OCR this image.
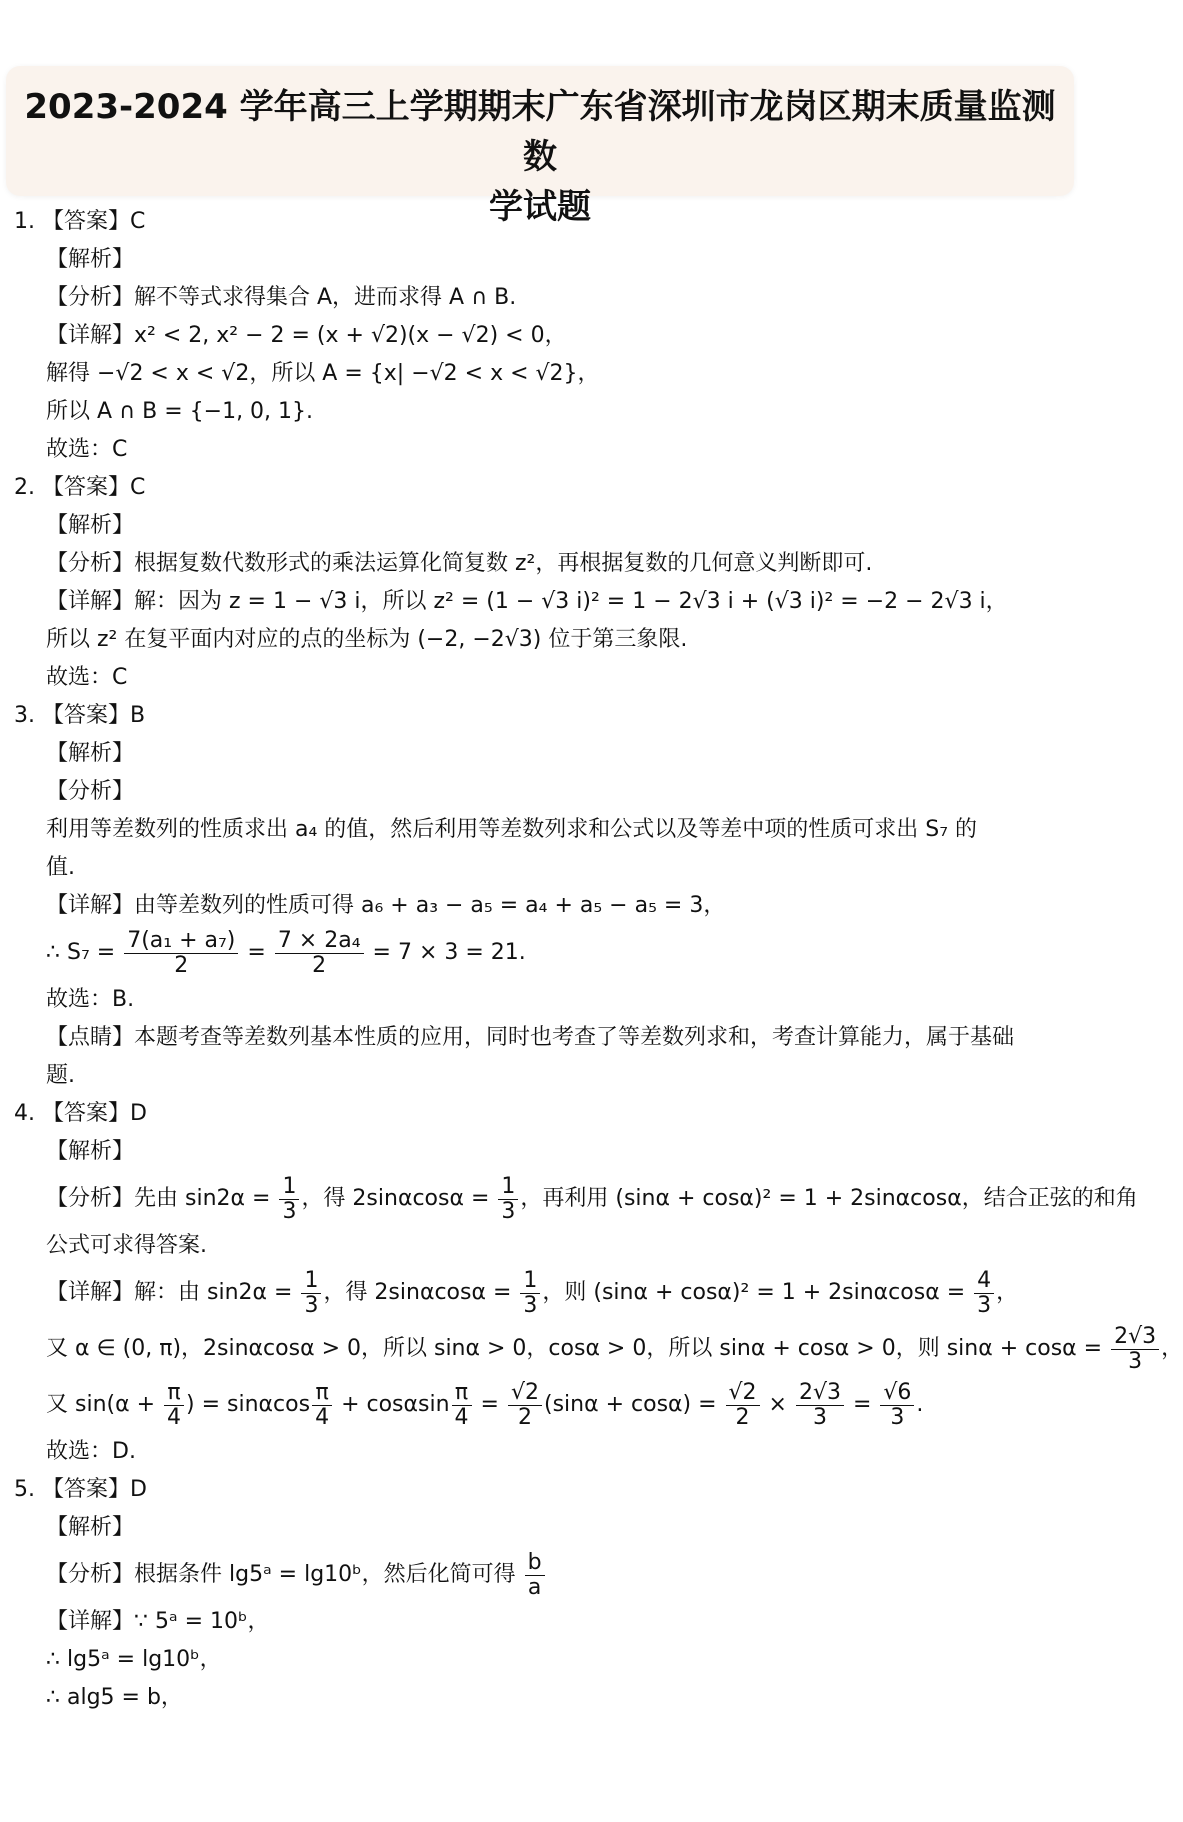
2023-2024 学年高三上学期期末广东省深圳市龙岗区期末质量监测数
学试题
1. 【答案】C
【解析】
【分析】解不等式求得集合 A，进而求得 A ∩ B.
【详解】x² < 2, x² − 2 = (x + √2)(x − √2) < 0，
解得 −√2 < x < √2，所以 A = {x| −√2 < x < √2}，
所以 A ∩ B = {−1, 0, 1}.
故选：C
2. 【答案】C
【解析】
【分析】根据复数代数形式的乘法运算化简复数 z²，再根据复数的几何意义判断即可.
【详解】解：因为 z = 1 − √3 i，所以 z² = (1 − √3 i)² = 1 − 2√3 i + (√3 i)² = −2 − 2√3 i，
所以 z² 在复平面内对应的点的坐标为 (−2, −2√3) 位于第三象限.
故选：C
3. 【答案】B
【解析】
【分析】
利用等差数列的性质求出 a₄ 的值，然后利用等差数列求和公式以及等差中项的性质可求出 S₇ 的
值.
【详解】由等差数列的性质可得 a₆ + a₃ − a₅ = a₄ + a₅ − a₅ = 3，
∴ $S_7 = \frac{\text{7(a₁ + a₇)}}{2} = \frac{\text{7 × 2a₄}}{2} = 7 \times 3 = 21$.
故选：B.
【点睛】本题考查等差数列基本性质的应用，同时也考查了等差数列求和，考查计算能力，属于基础
题.
4. 【答案】D
【解析】
【分析】先由 $\sin 2\alpha = \frac{1}{3}$ ，得 $2\sin\alpha\cos\alpha = \frac{1}{3}$ ，再利用 (sinα + cosα)² = 1 + 2sinαcosα，结合正弦的和角
公式可求得答案.
【详解】解：由 $\sin 2\alpha = \frac{1}{3}$ ，得 $2\sin\alpha\cos\alpha = \frac{1}{3}$ ，则 $(\sin\alpha + \cos\alpha)^2 = 1 + 2\sin\alpha\cos\alpha = \frac{4}{3}$ ，
又 α ∈ (0, π)，2sinαcosα > 0，所以 sinα > 0，cosα > 0，所以 sinα + cosα > 0，则 $\sin\alpha + \cos\alpha = \frac{2√3}{3}$ ，
又 $\sin(\alpha + \frac{\pi}{4}$ ) = sinαcos $\frac{\pi}{4} + \cos\alpha\sin \frac{\pi}{4} = \frac{√2}{2} (\sin\alpha + \cos\alpha) = \frac{√2}{2} \times \frac{2√3}{3} = \frac{√6}{3}$ .
故选：D.
5. 【答案】D
【解析】
【分析】根据条件 lg5ᵃ = lg10ᵇ，然后化简可得 $\frac{b}{a}$
【详解】∵ 5ᵃ = 10ᵇ，
∴ lg5ᵃ = lg10ᵇ，
∴ alg5 = b，
